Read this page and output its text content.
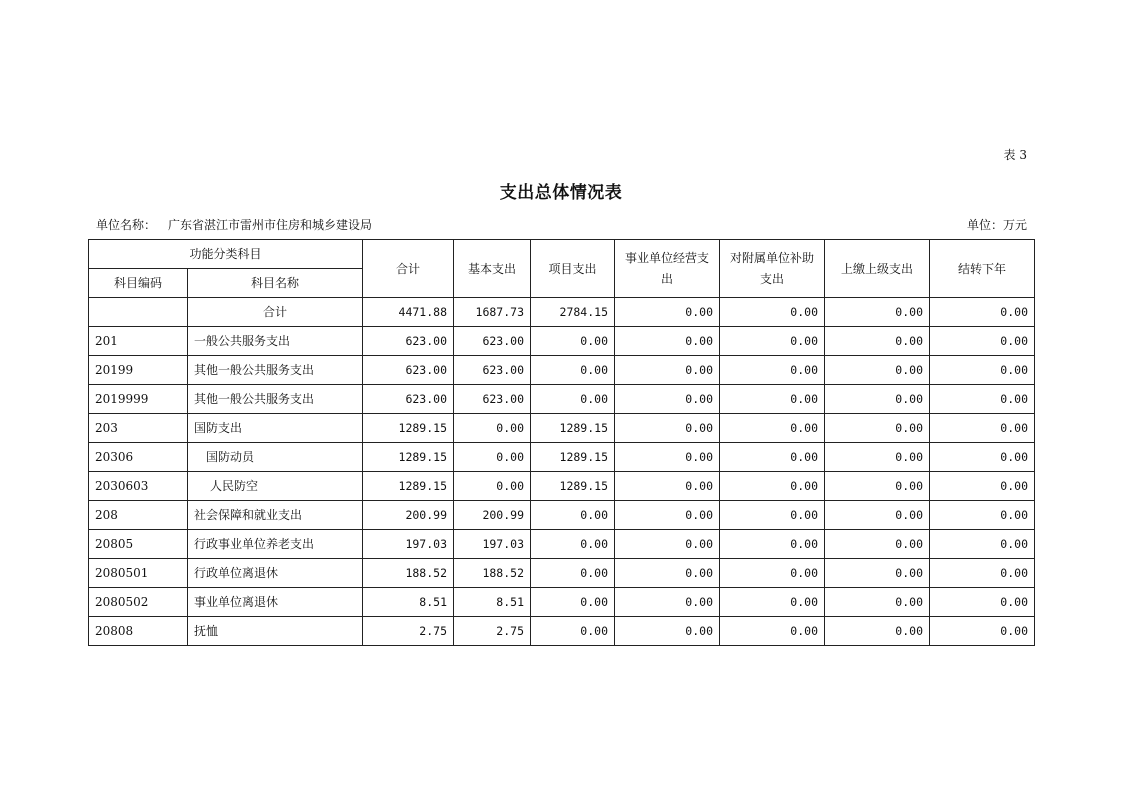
表 3
支出总体情况表
单位名称： 广东省湛江市雷州市住房和城乡建设局	单位：万元
功能分类科目		合计	基本支出	项目支出	事业单位经营支出	对附属单位补助支出	上缴上级支出	结转下年
科目编码	科目名称							
	合计	4471.88	1687.73	2784.15	0.00	0.00	0.00	0.00
201	一般公共服务支出	623.00	623.00	0.00	0.00	0.00	0.00	0.00
20199	其他一般公共服务支出	623.00	623.00	0.00	0.00	0.00	0.00	0.00
2019999	其他一般公共服务支出	623.00	623.00	0.00	0.00	0.00	0.00	0.00
203	国防支出	1289.15	0.00	1289.15	0.00	0.00	0.00	0.00
20306	国防动员	1289.15	0.00	1289.15	0.00	0.00	0.00	0.00
2030603	人民防空	1289.15	0.00	1289.15	0.00	0.00	0.00	0.00
208	社会保障和就业支出	200.99	200.99	0.00	0.00	0.00	0.00	0.00
20805	行政事业单位养老支出	197.03	197.03	0.00	0.00	0.00	0.00	0.00
2080501	行政单位离退休	188.52	188.52	0.00	0.00	0.00	0.00	0.00
2080502	事业单位离退休	8.51	8.51	0.00	0.00	0.00	0.00	0.00
20808	抚恤	2.75	2.75	0.00	0.00	0.00	0.00	0.00
